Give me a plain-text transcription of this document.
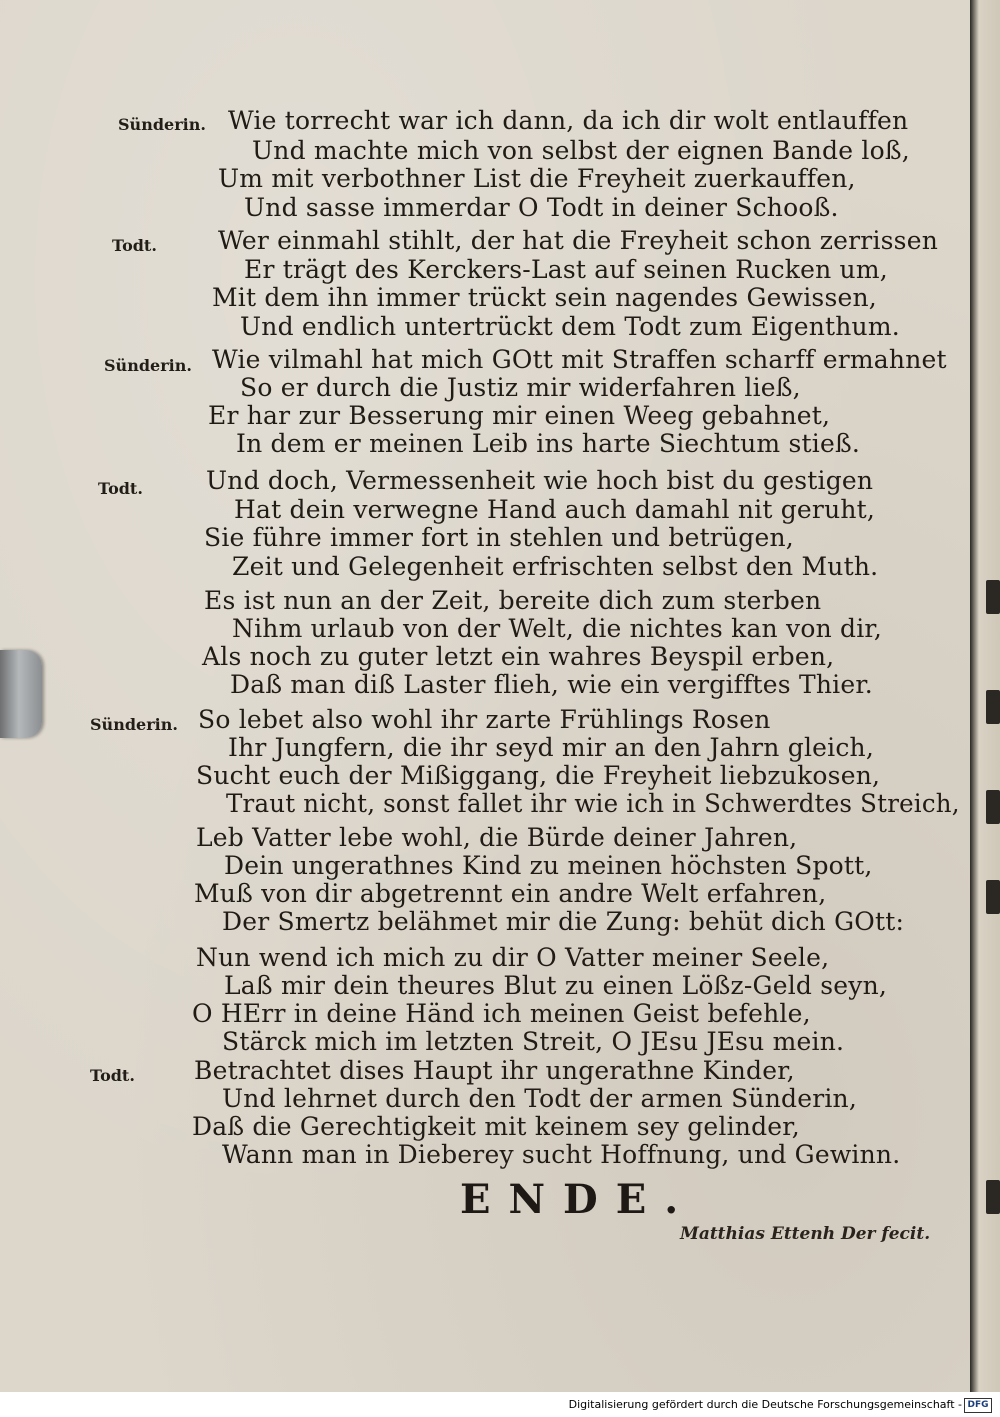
Sünderin. Wie torrecht war ich dann, da ich dir wolt entlauffen
Und machte mich von selbst der eignen Bande loß,
Um mit verbothner List die Freyheit zuerkauffen,
Und sasse immerdar O Todt in deiner Schooß.
Todt. Wer einmahl stihlt, der hat die Freyheit schon zerrissen
Er trägt des Kerckers-Last auf seinen Rucken um,
Mit dem ihn immer trückt sein nagendes Gewissen,
Und endlich untertrückt dem Todt zum Eigenthum.
Sünderin. Wie vilmahl hat mich GOtt mit Straffen scharff ermahnet
So er durch die Justiz mir widerfahren ließ,
Er har zur Besserung mir einen Weeg gebahnet,
In dem er meinen Leib ins harte Siechtum stieß.
Todt.	Und doch, Vermessenheit wie hoch bist du gestigen
Hat dein verwegne Hand auch damahl nit geruht,
Sie führe immer fort in stehlen und betrügen,
Zeit und Gelegenheit erfrischten selbst den Muth.
Es ist nun an der Zeit, bereite dich zum sterben
Nihm urlaub von der Welt, die nichtes kan von dir,
Als noch zu guter letzt ein wahres Beyspil erben,
Daß man diß Laster flieh, wie ein vergifftes Thier.
Sünderin. So lebet also wohl ihr zarte Frühlings Rosen
Ihr Jungfern, die ihr seyd mir an den Jahrn gleich,
Sucht euch der Mißiggang, die Freyheit liebzukosen,
Traut nicht, sonst fallet ihr wie ich in Schwerdtes Streich,
Leb Vatter lebe wohl, die Bürde deiner Jahren,
Dein ungerathnes Kind zu meinen höchsten Spott,
Muß von dir abgetrennt ein andre Welt erfahren,
Der Smertz belähmet mir die Zung: behüt dich GOtt:
Nun wend ich mich zu dir O Vatter meiner Seele,
Laß mir dein theures Blut zu einen Lößz-Geld seyn,
O HErr in deine Händ ich meinen Geist befehle,
Stärck mich im letzten Streit, O JEsu JEsu mein.
Todt. Betrachtet dises Haupt ihr ungerathne Kinder,
Und lehrnet durch den Todt der armen Sünderin,
Daß die Gerechtigkeit mit keinem sey gelinder,
Wann man in Dieberey sucht Hoffnung, und Gewinn.
ENDE.
Matthias Ettenh Der fecit.
Digitalisierung gefördert durch die Deutsche Forschungsgemeinschaft - DFG
